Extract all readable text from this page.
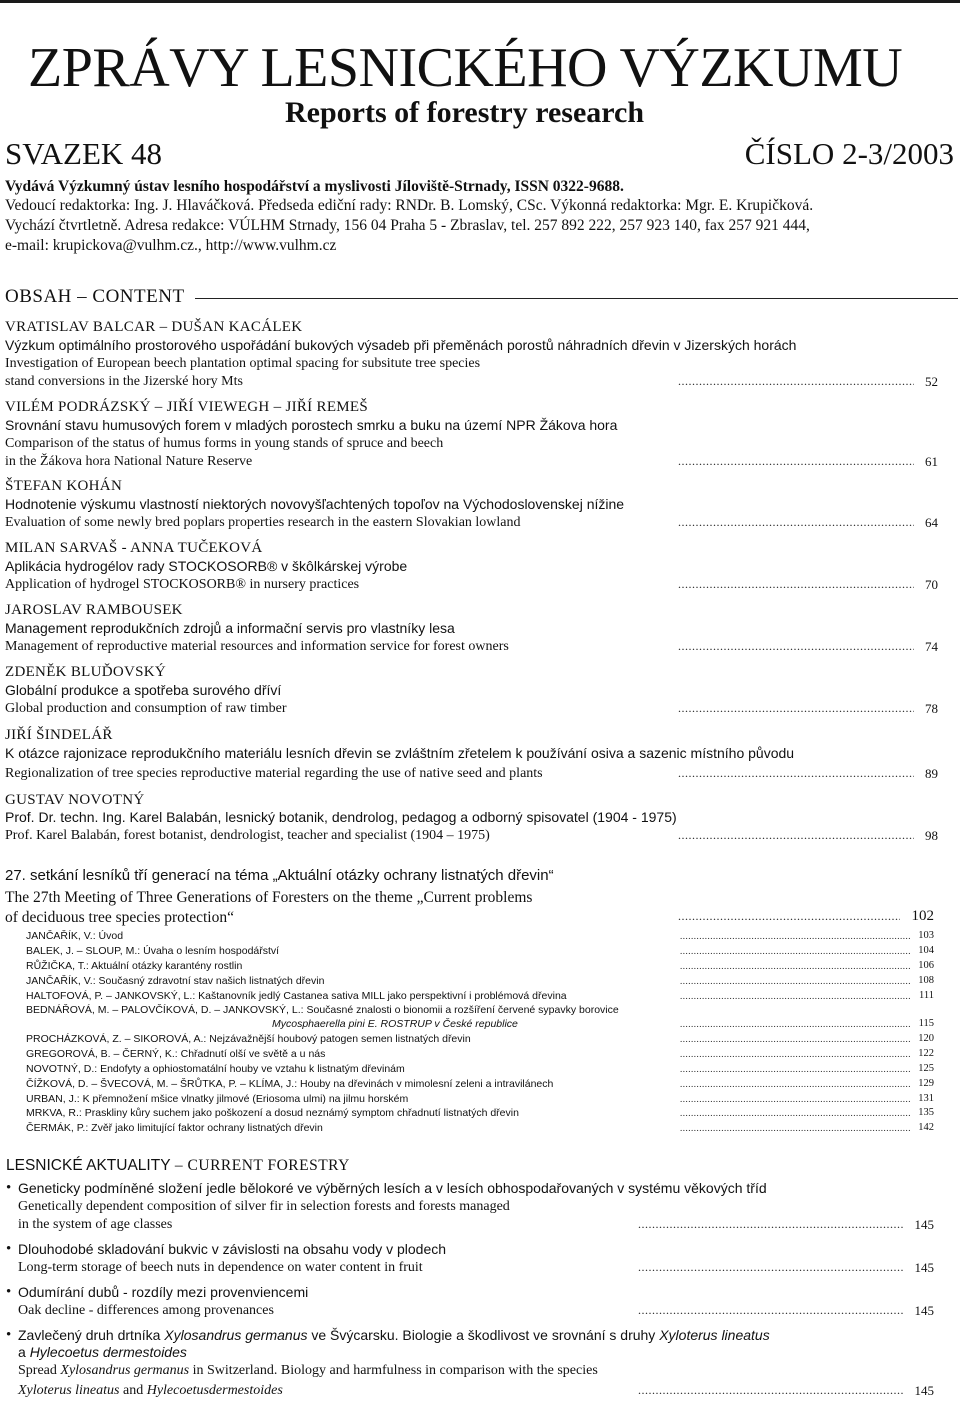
ZPRÁVY LESNICKÉHO VÝZKUMU
Reports of forestry research
SVAZEK 48	ČÍSLO 2-3/2003
Vydává Výzkumný ústav lesního hospodářství a myslivosti Jíloviště-Strnady, ISSN 0322-9688.
Vedoucí redaktorka: Ing. J. Hlaváčková. Předseda ediční rady: RNDr. B. Lomský, CSc. Výkonná redaktorka: Mgr. E. Krupičková.
Vychází čtvrtletně. Adresa redakce: VÚLHM Strnady, 156 04 Praha 5 - Zbraslav, tel. 257 892 222, 257 923 140, fax 257 921 444,
e-mail: krupickova@vulhm.cz., http://www.vulhm.cz
OBSAH – CONTENT
VRATISLAV BALCAR – DUŠAN KACÁLEK
Výzkum optimálního prostorového uspořádání bukových výsadeb při přeměnách porostů náhradních dřevin v Jizerských horách
Investigation of European beech plantation optimal spacing for subsitute tree species
stand conversions in the Jizerské hory Mts .....	52
VILÉM PODRÁZSKÝ – JIŘÍ VIEWEGH – JIŘÍ REMEŠ
Srovnání stavu humusových forem v mladých porostech smrku a buku na území NPR Žákova hora
Comparison of the status of humus forms in young stands of spruce and beech
in the Žákova hora National Nature Reserve .....	61
ŠTEFAN KOHÁN
Hodnotenie výskumu vlastností niektorých novovyšľachtených topoľov na Východoslovenskej nížine
Evaluation of some newly bred poplars properties research in the eastern Slovakian lowland .....	64
MILAN SARVAŠ - ANNA TUČEKOVÁ
Aplikácia hydrogélov rady STOCKOSORB® v škôlkárskej výrobe
Application of hydrogel STOCKOSORB® in nursery practices .....	70
JAROSLAV RAMBOUSEK
Management reprodukčních zdrojů a informační servis pro vlastníky lesa
Management of reproductive material resources and information service for forest owners .....	74
ZDENĚK BLUĎOVSKÝ
Globální produkce a spotřeba surového dříví
Global production and consumption of raw timber .....	78
JIŘÍ ŠINDELÁŘ
K otázce rajonizace reprodukčního materiálu lesních dřevin se zvláštním zřetelem k používání osiva a sazenic místního původu
Regionalization of tree species reproductive material regarding the use of native seed and plants .....	89
GUSTAV NOVOTNÝ
Prof. Dr. techn. Ing. Karel Balabán, lesnický botanik, dendrolog, pedagog a odborný spisovatel (1904 - 1975)
Prof. Karel Balabán, forest botanist, dendrologist, teacher and specialist (1904 – 1975) .....	98
27. setkání lesníků tří generací na téma „Aktuální otázky ochrany listnatých dřevin“
The 27th Meeting of Three Generations of Foresters on the theme „Current problems
of deciduous tree species protection“ .....	102
JANČAŘÍK, V.: Úvod .....	103
BALEK, J. – SLOUP, M.: Úvaha o lesním hospodářství .....	104
RŮŽIČKA, T.: Aktuální otázky karantény rostlin .....	106
JANČAŘÍK, V.: Současný zdravotní stav našich listnatých dřevin .....	108
HALTOFOVÁ, P. – JANKOVSKÝ, L.: Kaštanovník jedlý Castanea sativa MILL jako perspektivní i problémová dřevina .....	111
BEDNÁŘOVÁ, M. – PALOVČÍKOVÁ, D. – JANKOVSKÝ, L.: Současné znalosti o bionomii a rozšíření červené sypavky borovice
Mycosphaerella pini E. ROSTRUP v České republice .....	115
PROCHÁZKOVÁ, Z. – SIKOROVÁ, A.: Nejzávažnější houbový patogen semen listnatých dřevin .....	120
GREGOROVÁ, B. – ČERNÝ, K.: Chřadnutí olší ve světě a u nás .....	122
NOVOTNÝ, D.: Endofyty a ophiostomatální houby ve vztahu k listnatým dřevinám .....	125
ČÍŽKOVÁ, D. – ŠVECOVÁ, M. – ŠRŮTKA, P. – KLÍMA, J.: Houby na dřevinách v mimolesní zeleni a intravilánech .....	129
URBAN, J.: K přemnožení mšice vlnatky jilmové (Eriosoma ulmi) na jilmu horském .....	131
MRKVA, R.: Praskliny kůry suchem jako poškození a dosud neznámý symptom chřadnutí listnatých dřevin .....	135
ČERMÁK, P.: Zvěř jako limitující faktor ochrany listnatých dřevin .....	142
LESNICKÉ AKTUALITY – CURRENT FORESTRY
• Geneticky podmíněné složení jedle bělokoré ve výběrných lesích a v lesích obhospodařovaných v systému věkových tříd
Genetically dependent composition of silver fir in selection forests and forests managed
in the system of age classes .....	145
• Dlouhodobé skladování bukvic v závislosti na obsahu vody v plodech
Long-term storage of beech nuts in dependence on water content in fruit .....	145
• Odumírání dubů - rozdíly mezi provenviencemi
Oak decline - differences among provenances .....	145
• Zavlečený druh drtníka Xylosandrus germanus ve Švýcarsku. Biologie a škodlivost ve srovnání s druhy Xyloterus lineatus
a Hylecoetus dermestoides
Spread Xylosandrus germanus in Switzerland. Biology and harmfulness in comparison with the species
Xyloterus lineatus and Hylecoetusdermestoides .....	145
